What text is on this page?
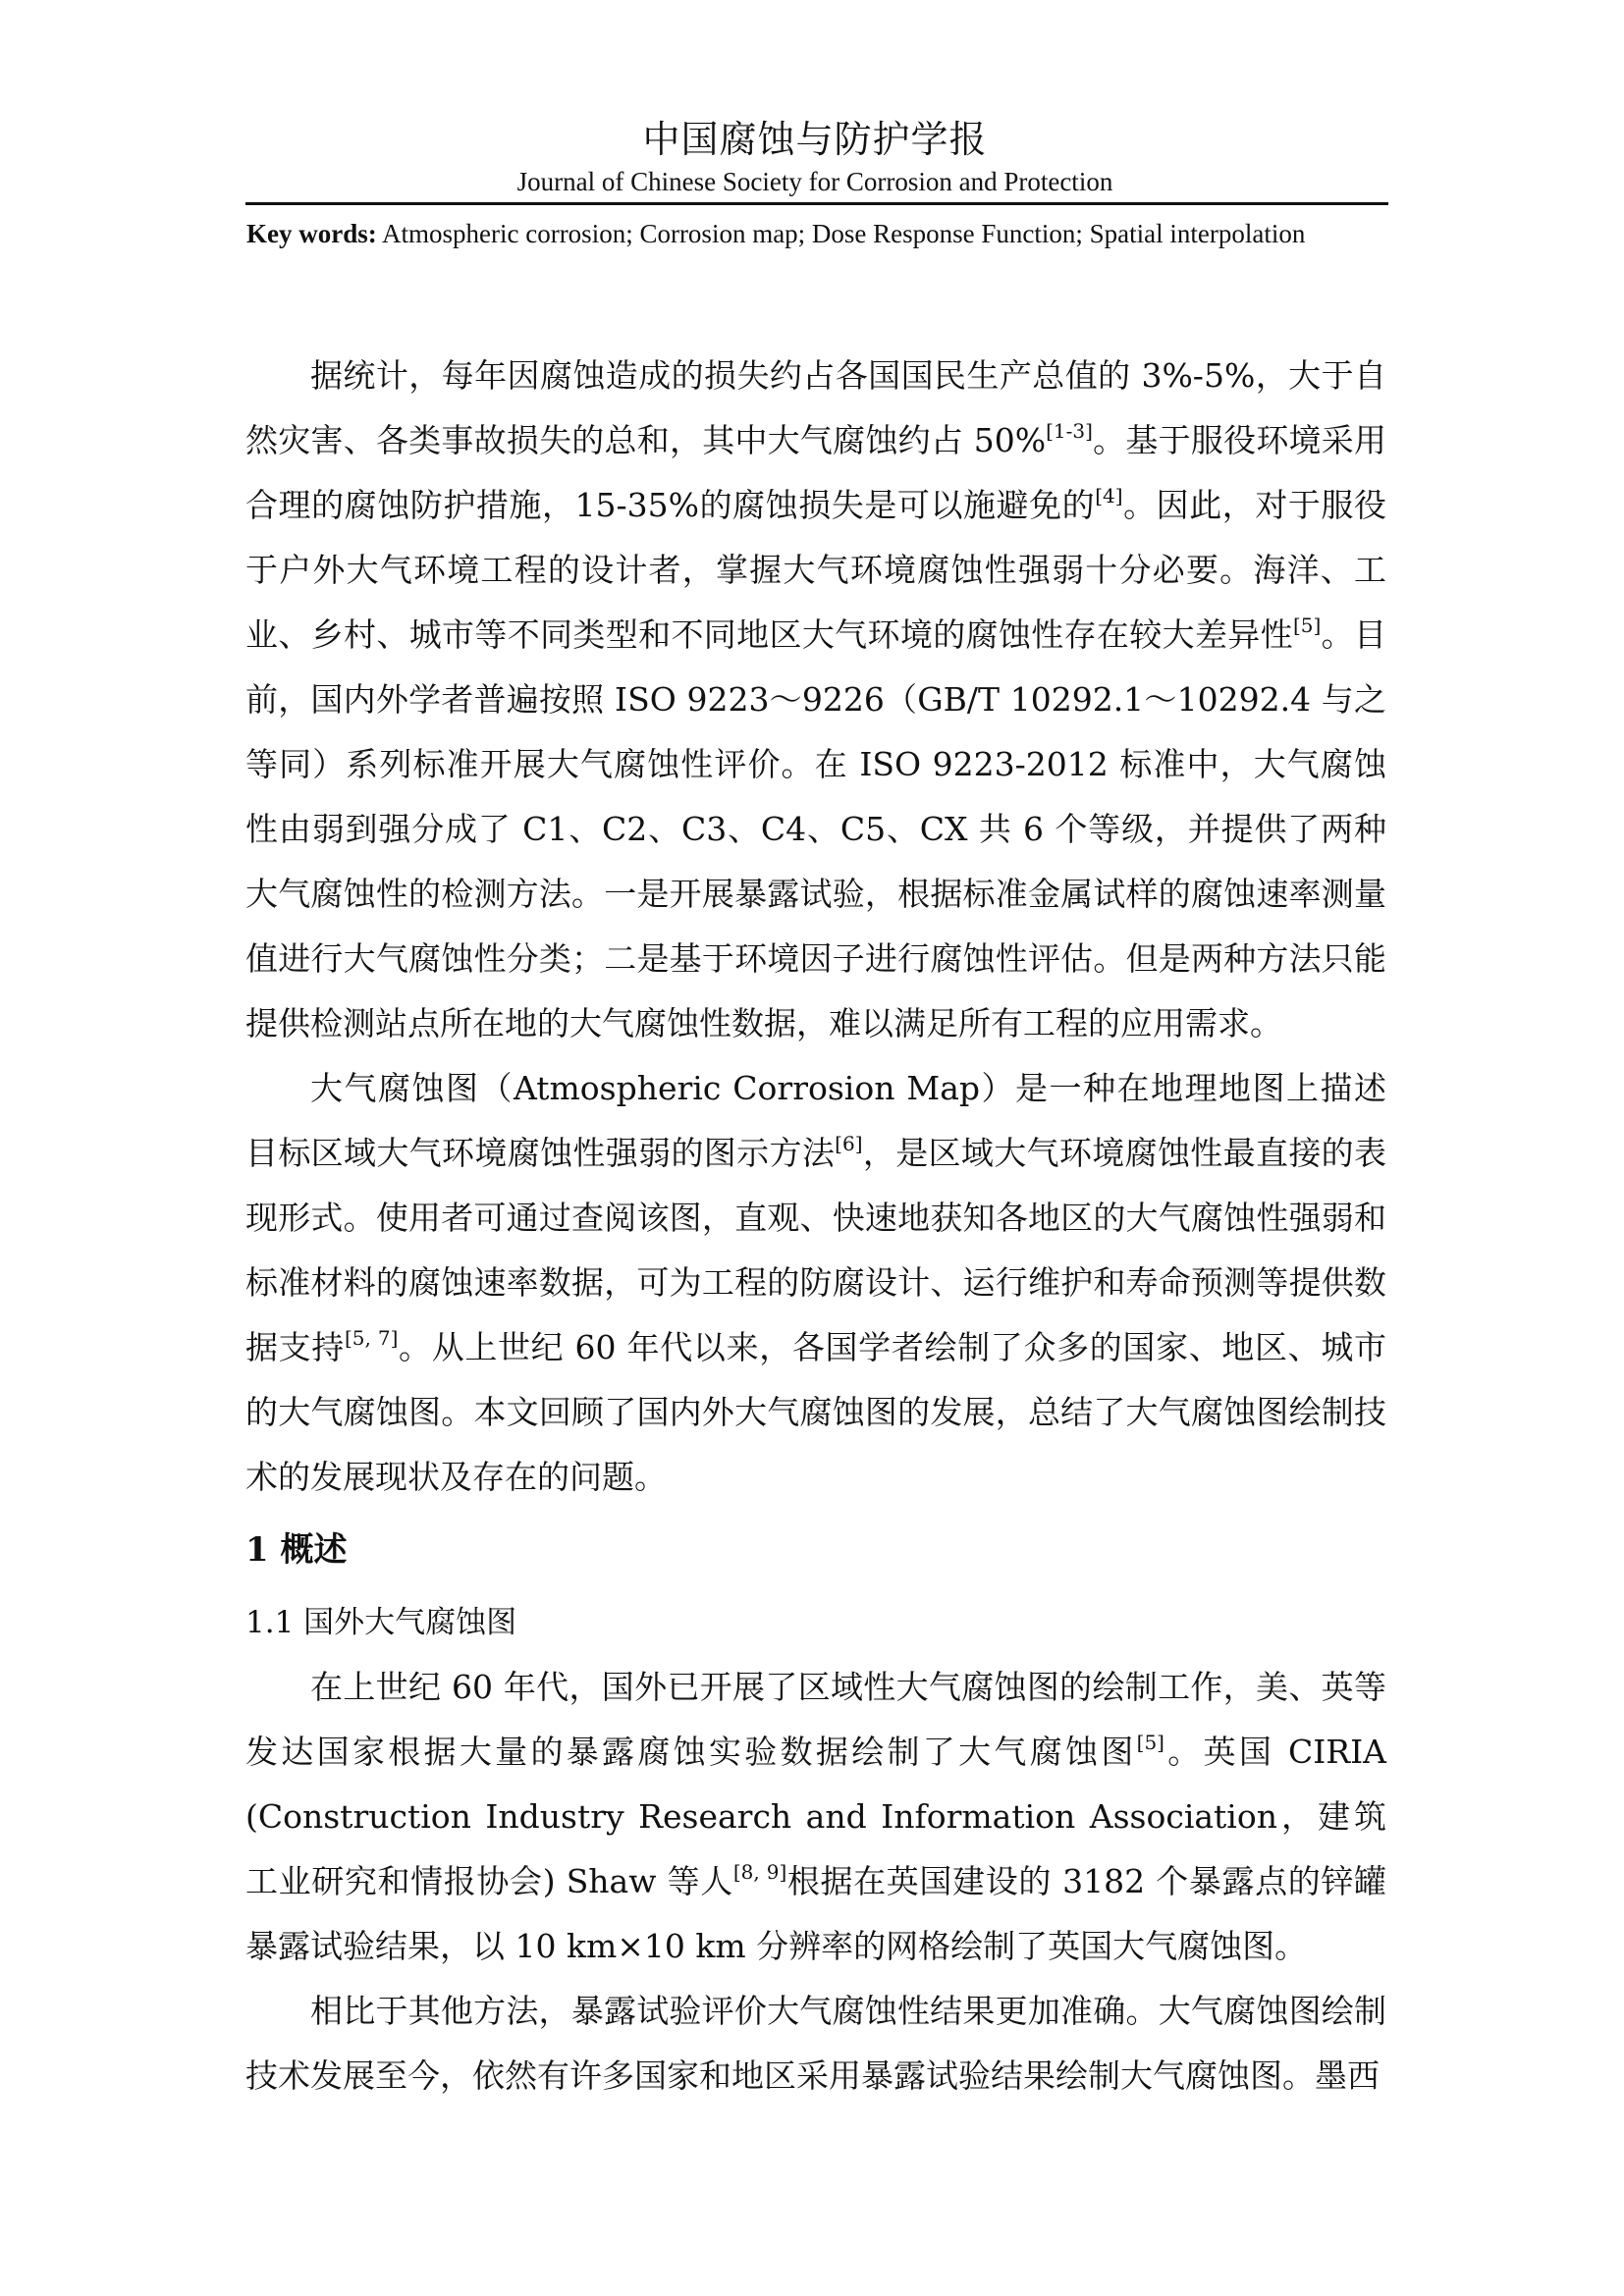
中国腐蚀与防护学报
Journal of Chinese Society for Corrosion and Protection
Key words: Atmospheric corrosion; Corrosion map; Dose Response Function; Spatial interpolation

据统计，每年因腐蚀造成的损失约占各国国民生产总值的 3%-5%，大于自然灾害、各类事故损失的总和，其中大气腐蚀约占 50%[1-3]。基于服役环境采用合理的腐蚀防护措施，15-35%的腐蚀损失是可以施避免的[4]。因此，对于服役于户外大气环境工程的设计者，掌握大气环境腐蚀性强弱十分必要。海洋、工业、乡村、城市等不同类型和不同地区大气环境的腐蚀性存在较大差异性[5]。目前，国内外学者普遍按照 ISO 9223～9226（GB/T 10292.1～10292.4 与之等同）系列标准开展大气腐蚀性评价。在 ISO 9223-2012 标准中，大气腐蚀性由弱到强分成了 C1、C2、C3、C4、C5、CX 共 6 个等级，并提供了两种大气腐蚀性的检测方法。一是开展暴露试验，根据标准金属试样的腐蚀速率测量值进行大气腐蚀性分类；二是基于环境因子进行腐蚀性评估。但是两种方法只能提供检测站点所在地的大气腐蚀性数据，难以满足所有工程的应用需求。

大气腐蚀图（Atmospheric Corrosion Map）是一种在地理地图上描述目标区域大气环境腐蚀性强弱的图示方法[6]，是区域大气环境腐蚀性最直接的表现形式。使用者可通过查阅该图，直观、快速地获知各地区的大气腐蚀性强弱和标准材料的腐蚀速率数据，可为工程的防腐设计、运行维护和寿命预测等提供数据支持[5, 7]。从上世纪 60 年代以来，各国学者绘制了众多的国家、地区、城市的大气腐蚀图。本文回顾了国内外大气腐蚀图的发展，总结了大气腐蚀图绘制技术的发展现状及存在的问题。

1 概述
1.1 国外大气腐蚀图

在上世纪 60 年代，国外已开展了区域性大气腐蚀图的绘制工作，美、英等发达国家根据大量的暴露腐蚀实验数据绘制了大气腐蚀图[5]。英国 CIRIA (Construction Industry Research and Information Association，建筑工业研究和情报协会) Shaw 等人[8, 9]根据在英国建设的 3182 个暴露点的锌罐暴露试验结果，以 10 km×10 km 分辨率的网格绘制了英国大气腐蚀图。

相比于其他方法，暴露试验评价大气腐蚀性结果更加准确。大气腐蚀图绘制技术发展至今，依然有许多国家和地区采用暴露试验结果绘制大气腐蚀图。墨西
